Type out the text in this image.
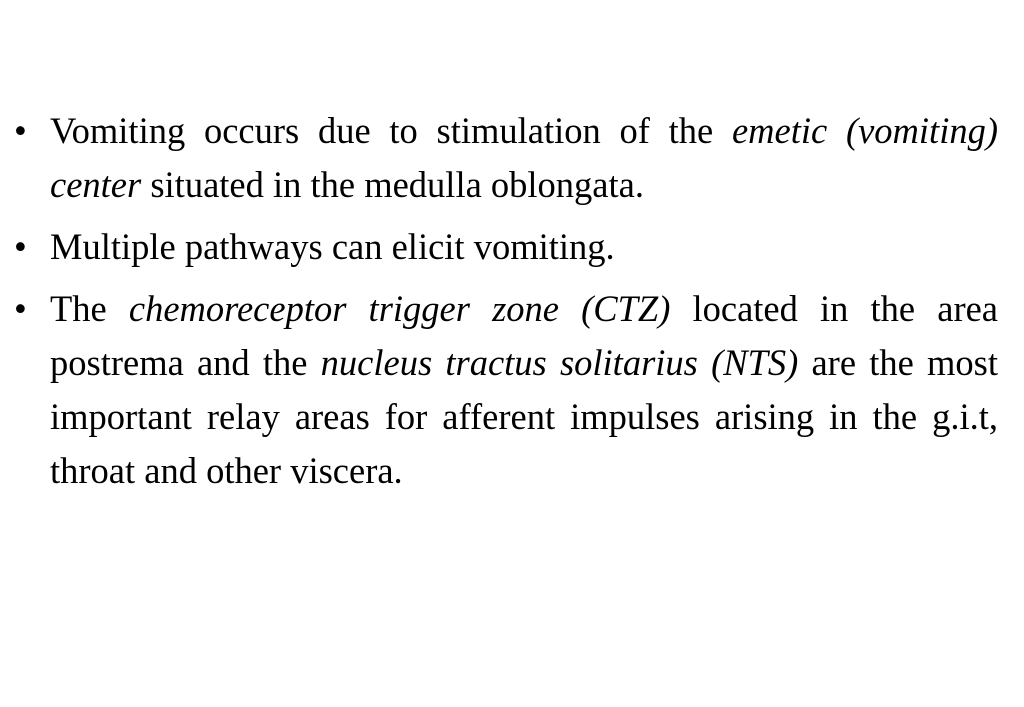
• Vomiting occurs due to stimulation of the emetic (vomiting) center situated in the medulla oblongata.
• Multiple pathways can elicit vomiting.
• The chemoreceptor trigger zone (CTZ) located in the area postrema and the nucleus tractus solitarius (NTS) are the most important relay areas for afferent impulses arising in the g.i.t, throat and other viscera.
